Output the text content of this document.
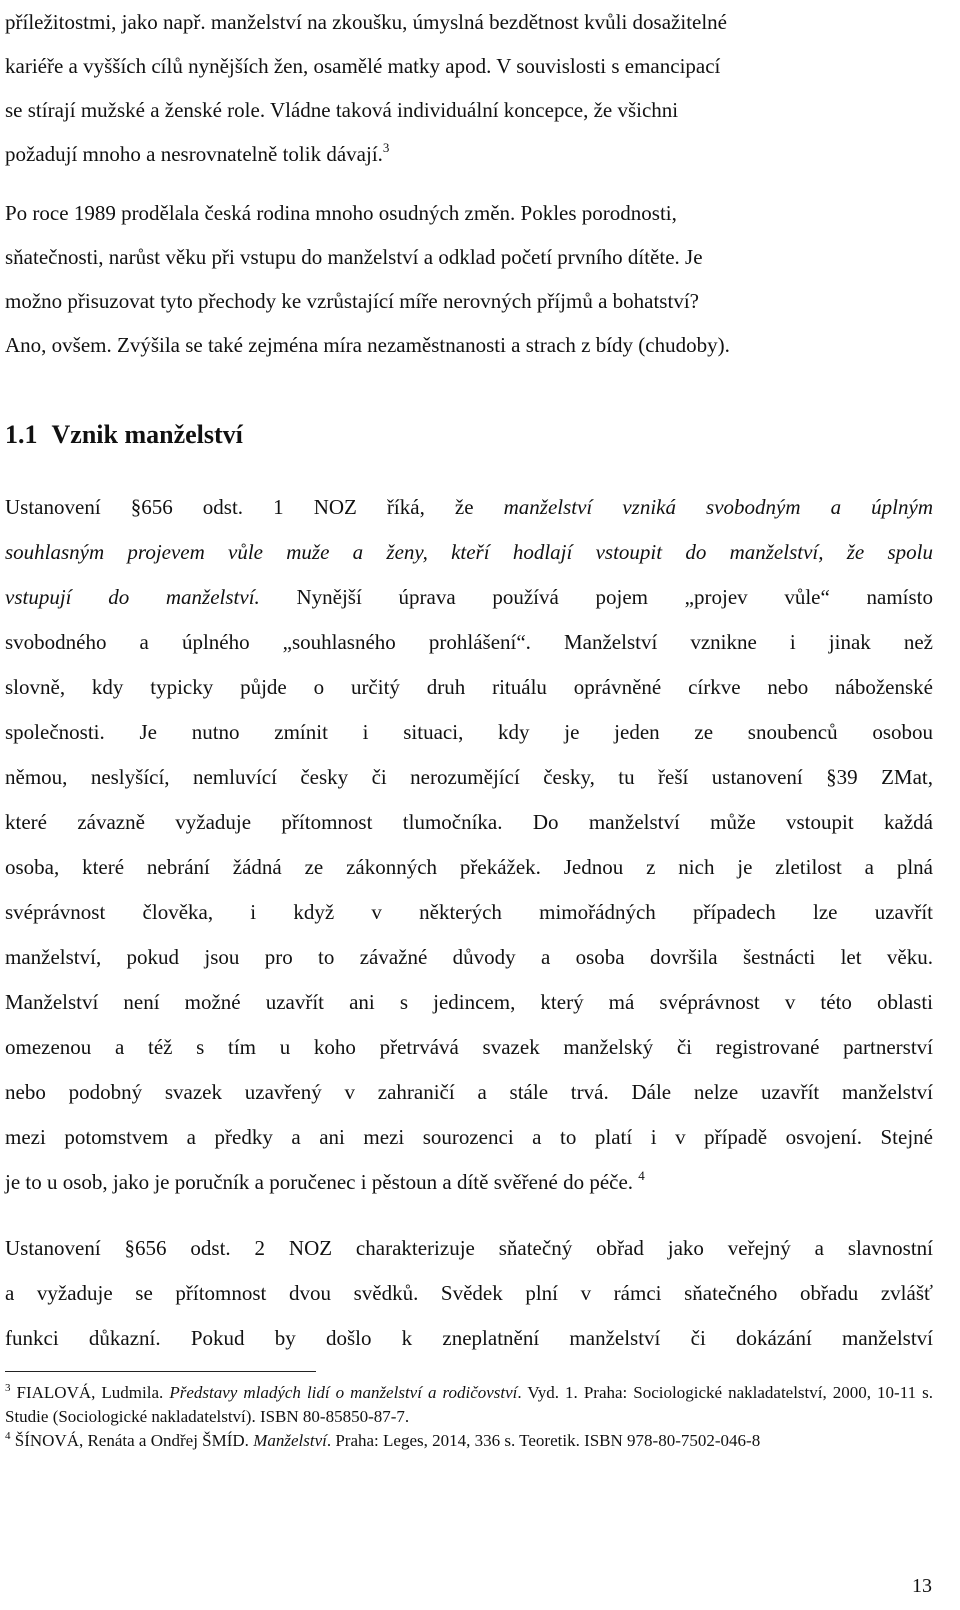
příležitostmi, jako např. manželství na zkoušku, úmyslná bezdětnost kvůli dosažitelné
kariéře a vyšších cílů nynějších žen, osamělé matky apod. V souvislosti s emancipací
se stírají mužské a ženské role. Vládne taková individuální koncepce, že všichni
požadují mnoho a nesrovnatelně tolik dávají.$^3$
Po roce 1989 prodělala česká rodina mnoho osudných změn. Pokles porodnosti,
sňatečnosti, narůst věku při vstupu do manželství a odklad početí prvního dítěte. Je
možno přisuzovat tyto přechody ke vzrůstající míře nerovných příjmů a bohatství?
Ano, ovšem. Zvýšila se také zejména míra nezaměstnanosti a strach z bídy (chudoby).
1.1 Vznik manželství
Ustanovení §656 odst. 1 NOZ říká, že manželství vzniká svobodným a úplným
souhlasným projevem vůle muže a ženy, kteří hodlají vstoupit do manželství, že spolu
vstupují do manželství. Nynější úprava používá pojem „projev vůle“ namísto
svobodného a úplného „souhlasného prohlášení“. Manželství vznikne i jinak než
slovně, kdy typicky půjde o určitý druh rituálu oprávněné církve nebo náboženské
společnosti. Je nutno zmínit i situaci, kdy je jeden ze snoubenců osobou
němou, neslyšící, nemluvící česky či nerozumějící česky, tu řeší ustanovení §39 ZMat,
které závazně vyžaduje přítomnost tlumočníka. Do manželství může vstoupit každá
osoba, které nebrání žádná ze zákonných překážek. Jednou z nich je zletilost a plná
svéprávnost člověka, i když v některých mimořádných případech lze uzavřít
manželství, pokud jsou pro to závažné důvody a osoba dovršila šestnácti let věku.
Manželství není možné uzavřít ani s jedincem, který má svéprávnost v této oblasti
omezenou a též s tím u koho přetrvává svazek manželský či registrované partnerství
nebo podobný svazek uzavřený v zahraničí a stále trvá. Dále nelze uzavřít manželství
mezi potomstvem a předky a ani mezi sourozenci a to platí i v případě osvojení. Stejné
je to u osob, jako je poručník a poručenec i pěstoun a dítě svěřené do péče. $^4$
Ustanovení §656 odst. 2 NOZ charakterizuje sňatečný obřad jako veřejný a slavnostní
a vyžaduje se přítomnost dvou svědků. Svědek plní v rámci sňatečného obřadu zvlášť
funkci důkazní. Pokud by došlo k zneplatnění manželství či dokázání manželství

$^3$ FIALOVÁ, Ludmila. Představy mladých lidí o manželství a rodičovství. Vyd. 1. Praha: Sociologické nakladatelství, 2000, 10-11 s. Studie (Sociologické nakladatelství). ISBN 80-85850-87-7.

$^4$ ŠÍNOVÁ, Renáta a Ondřej ŠMÍD. Manželství. Praha: Leges, 2014, 336 s. Teoretik. ISBN 978-80-7502-046-8

13
